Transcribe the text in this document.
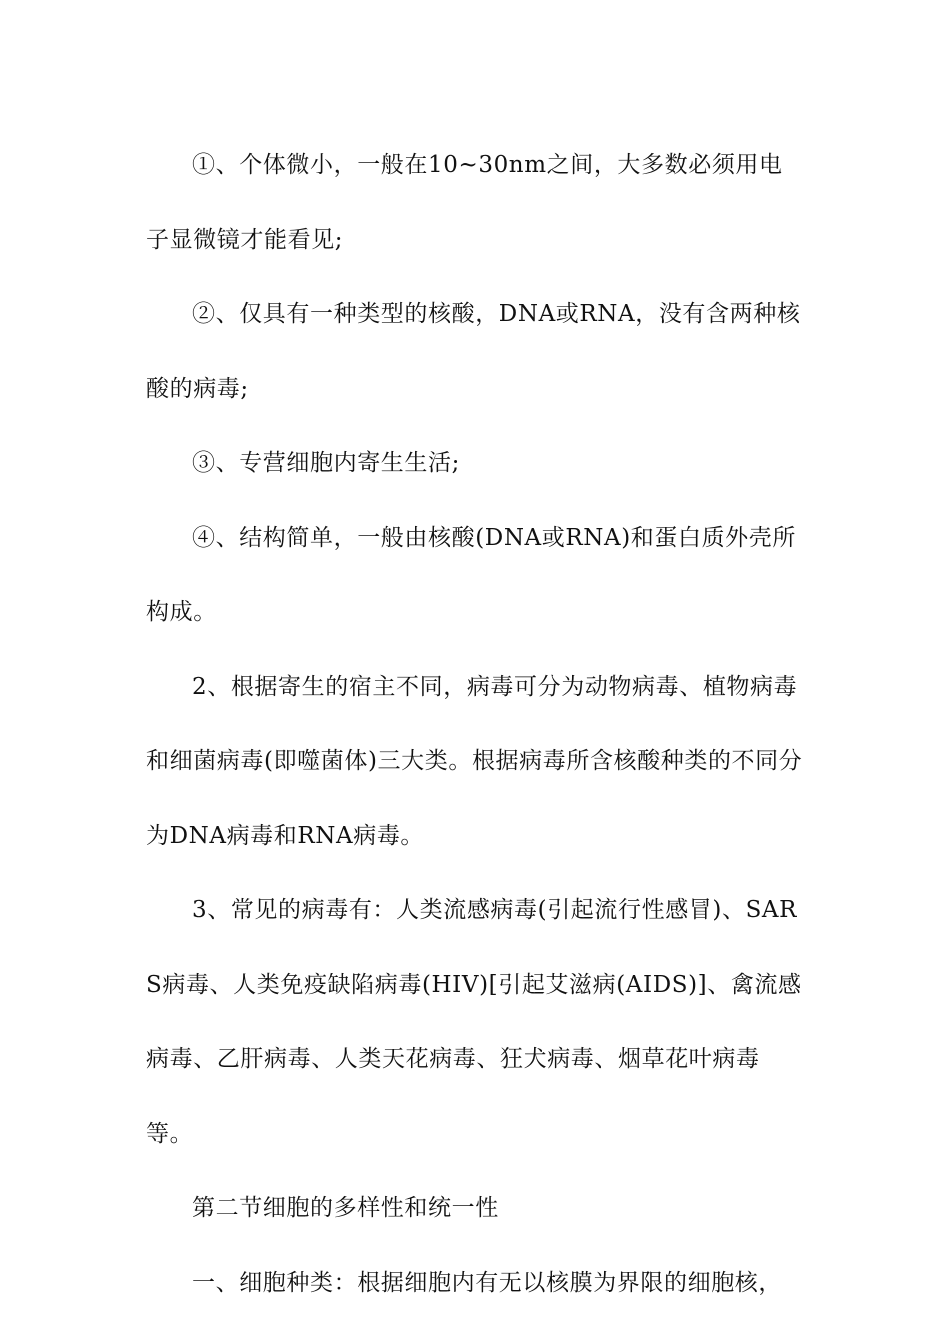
①、个体微小，一般在10~30nm之间，大多数必须用电子显微镜才能看见;

②、仅具有一种类型的核酸，DNA或RNA，没有含两种核酸的病毒;

③、专营细胞内寄生生活;

④、结构简单，一般由核酸(DNA或RNA)和蛋白质外壳所构成。

2、根据寄生的宿主不同，病毒可分为动物病毒、植物病毒和细菌病毒(即噬菌体)三大类。根据病毒所含核酸种类的不同分为DNA病毒和RNA病毒。

3、常见的病毒有：人类流感病毒(引起流行性感冒)、SARS病毒、人类免疫缺陷病毒(HIV)[引起艾滋病(AIDS)]、禽流感病毒、乙肝病毒、人类天花病毒、狂犬病毒、烟草花叶病毒等。

第二节细胞的多样性和统一性

一、细胞种类：根据细胞内有无以核膜为界限的细胞核，
